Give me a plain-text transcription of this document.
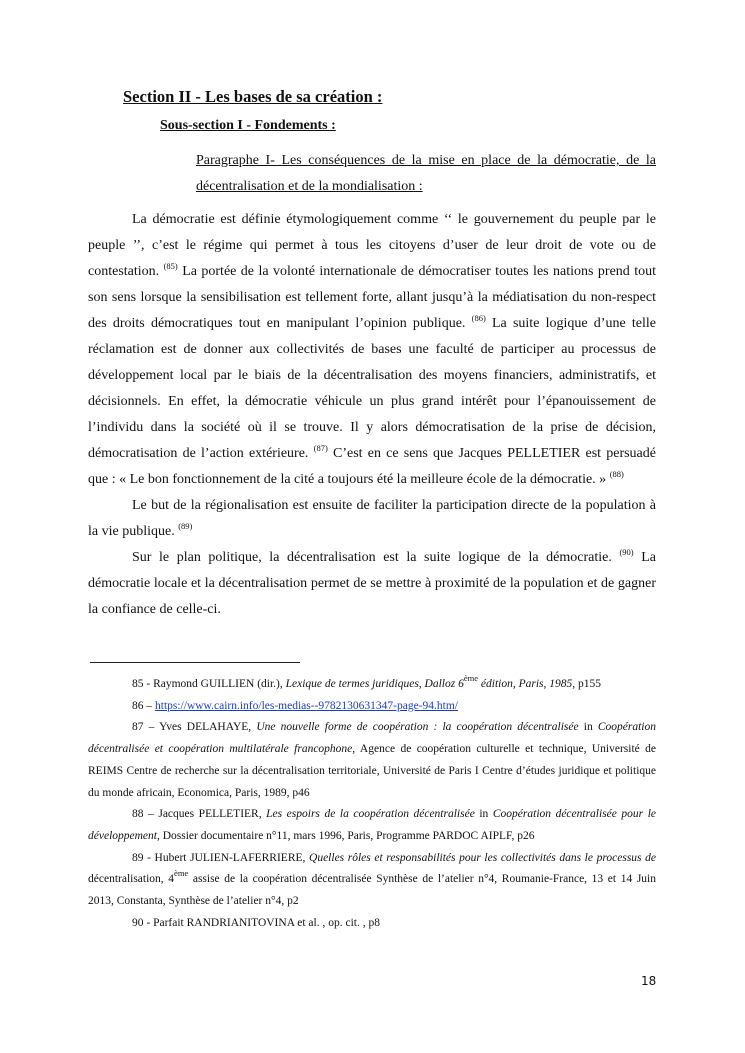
Section II - Les bases de sa création :
Sous-section I - Fondements :

Paragraphe I- Les conséquences de la mise en place de la démocratie, de la décentralisation et de la mondialisation :

La démocratie est définie étymologiquement comme ‘‘ le gouvernement du peuple par le peuple ’’, c’est le régime qui permet à tous les citoyens d’user de leur droit de vote ou de contestation. $^{(85)}$ La portée de la volonté internationale de démocratiser toutes les nations prend tout son sens lorsque la sensibilisation est tellement forte, allant jusqu’à la médiatisation du non-respect des droits démocratiques tout en manipulant l’opinion publique. $^{(86)}$ La suite logique d’une telle réclamation est de donner aux collectivités de bases une faculté de participer au processus de développement local par le biais de la décentralisation des moyens financiers, administratifs, et décisionnels. En effet, la démocratie véhicule un plus grand intérêt pour l’épanouissement de l’individu dans la société où il se trouve. Il y alors démocratisation de la prise de décision, démocratisation de l’action extérieure. $^{(87)}$ C’est en ce sens que Jacques PELLETIER est persuadé que : « Le bon fonctionnement de la cité a toujours été la meilleure école de la démocratie. » $^{(88)}$

Le but de la régionalisation est ensuite de faciliter la participation directe de la population à la vie publique. $^{(89)}$

Sur le plan politique, la décentralisation est la suite logique de la démocratie. $^{(90)}$ La démocratie locale et la décentralisation permet de se mettre à proximité de la population et de gagner la confiance de celle-ci.

85 - Raymond GUILLIEN (dir.), Lexique de termes juridiques, Dalloz 6ème édition, Paris, 1985, p155

86 – https://www.cairn.info/les-medias--9782130631347-page-94.htm/

87 – Yves DELAHAYE, Une nouvelle forme de coopération : la coopération décentralisée in Coopération décentralisée et coopération multilatérale francophone, Agence de coopération culturelle et technique, Université de REIMS Centre de recherche sur la décentralisation territoriale, Université de Paris I Centre d’études juridique et politique du monde africain, Economica, Paris, 1989, p46

88 – Jacques PELLETIER, Les espoirs de la coopération décentralisée in Coopération décentralisée pour le développement, Dossier documentaire n°11, mars 1996, Paris, Programme PARDOC AIPLF, p26

89 - Hubert JULIEN-LAFERRIERE, Quelles rôles et responsabilités pour les collectivités dans le processus de décentralisation, 4ème assise de la coopération décentralisée Synthèse de l’atelier n°4, Roumanie-France, 13 et 14 Juin 2013, Constanta, Synthèse de l’atelier n°4, p2

90 - Parfait RANDRIANITOVINA et al. , op. cit. , p8

18
